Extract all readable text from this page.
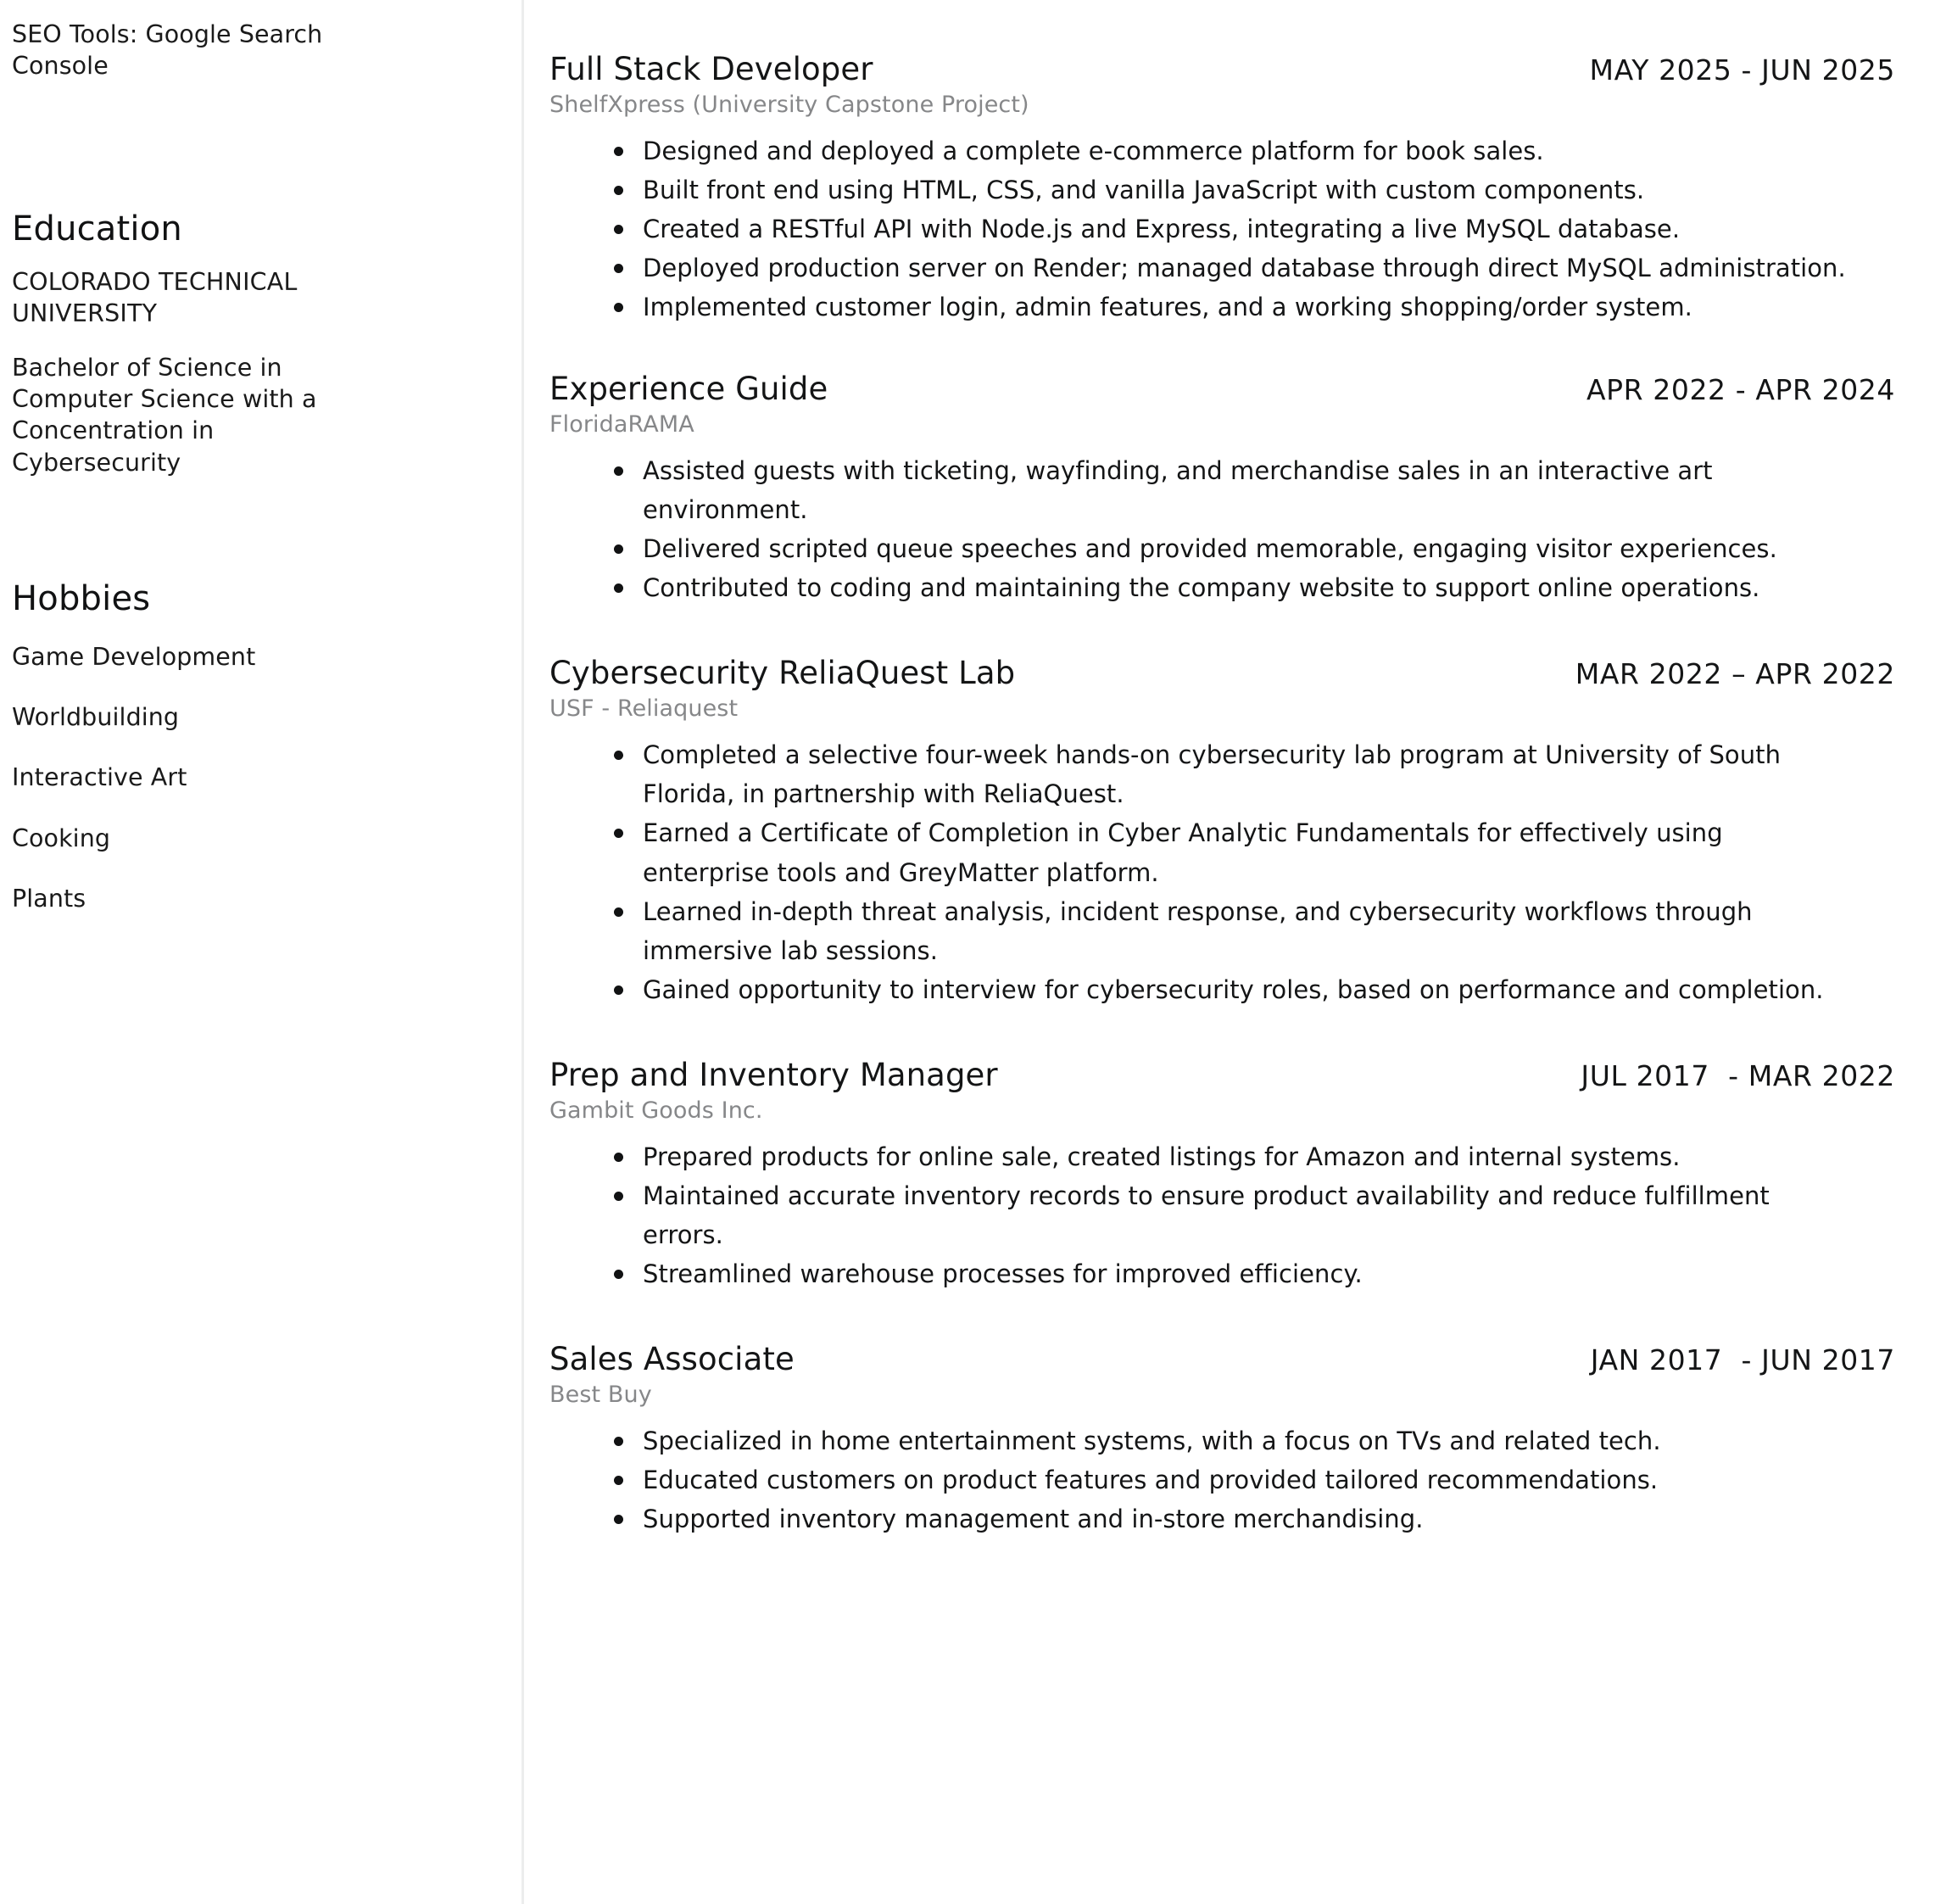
SEO Tools: Google Search Console
Education
COLORADO TECHNICAL UNIVERSITY
Bachelor of Science in Computer Science with a Concentration in Cybersecurity
Hobbies
Game Development
Worldbuilding
Interactive Art
Cooking
Plants
Full Stack Developer	MAY 2025 - JUN 2025
ShelfXpress (University Capstone Project)
Designed and deployed a complete e-commerce platform for book sales.
Built front end using HTML, CSS, and vanilla JavaScript with custom components.
Created a RESTful API with Node.js and Express, integrating a live MySQL database.
Deployed production server on Render; managed database through direct MySQL administration.
Implemented customer login, admin features, and a working shopping/order system.
Experience Guide	APR 2022 - APR 2024
FloridaRAMA
Assisted guests with ticketing, wayfinding, and merchandise sales in an interactive art environment.
Delivered scripted queue speeches and provided memorable, engaging visitor experiences.
Contributed to coding and maintaining the company website to support online operations.
Cybersecurity ReliaQuest Lab	MAR 2022 – APR 2022
USF - Reliaquest
Completed a selective four-week hands-on cybersecurity lab program at University of South Florida, in partnership with ReliaQuest.
Earned a Certificate of Completion in Cyber Analytic Fundamentals for effectively using enterprise tools and GreyMatter platform.
Learned in-depth threat analysis, incident response, and cybersecurity workflows through immersive lab sessions.
Gained opportunity to interview for cybersecurity roles, based on performance and completion.
Prep and Inventory Manager	JUL 2017  - MAR 2022
Gambit Goods Inc.
Prepared products for online sale, created listings for Amazon and internal systems.
Maintained accurate inventory records to ensure product availability and reduce fulfillment errors.
Streamlined warehouse processes for improved efficiency.
Sales Associate	JAN 2017  - JUN 2017
Best Buy
Specialized in home entertainment systems, with a focus on TVs and related tech.
Educated customers on product features and provided tailored recommendations.
Supported inventory management and in-store merchandising.
